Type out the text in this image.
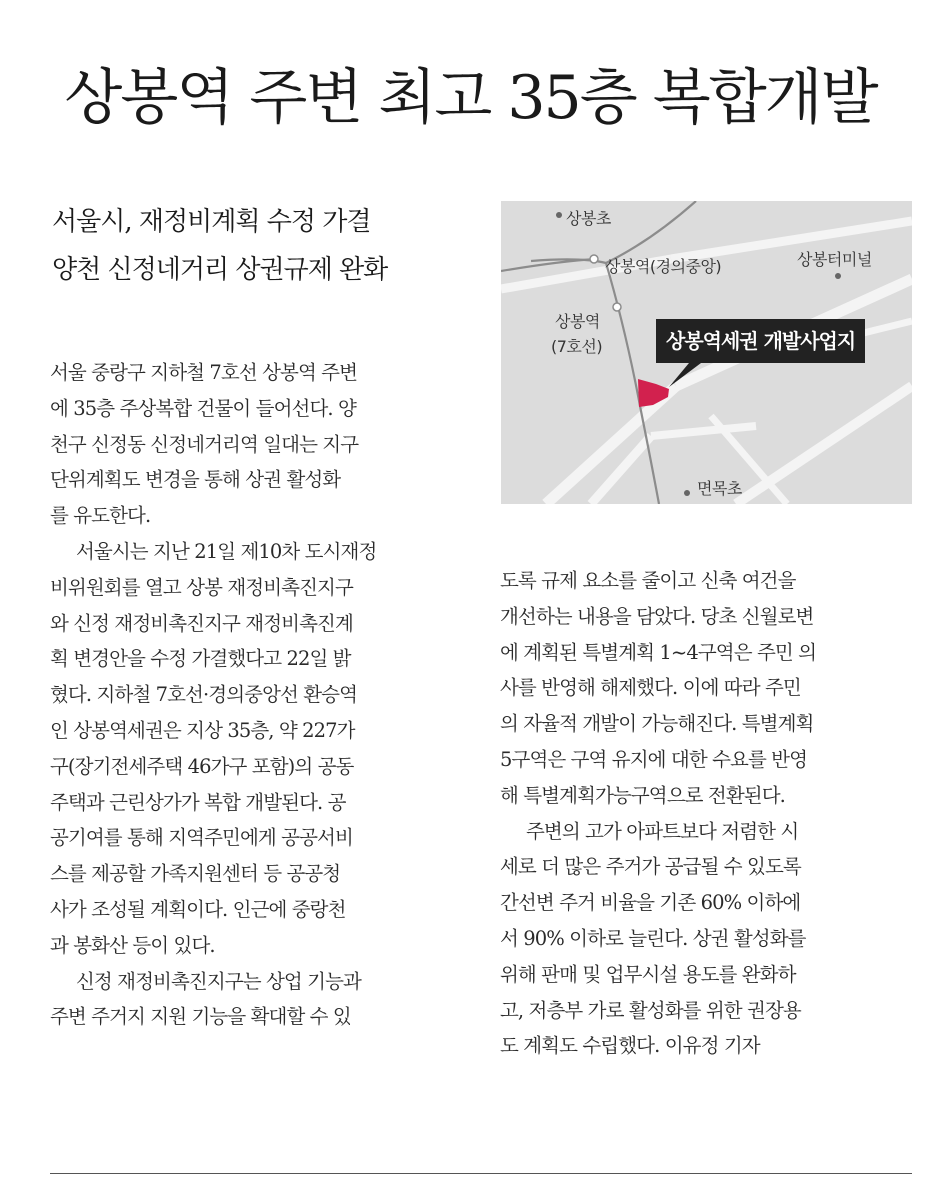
상봉역 주변 최고 35층 복합개발
서울시, 재정비계획 수정 가결
양천 신정네거리 상권규제 완화
서울 중랑구 지하철 7호선 상봉역 주변
에 35층 주상복합 건물이 들어선다. 양
천구 신정동 신정네거리역 일대는 지구
단위계획도 변경을 통해 상권 활성화
를 유도한다.
서울시는 지난 21일 제10차 도시재정
비위원회를 열고 상봉 재정비촉진지구
와 신정 재정비촉진지구 재정비촉진계
획 변경안을 수정 가결했다고 22일 밝
혔다. 지하철 7호선·경의중앙선 환승역
인 상봉역세권은 지상 35층, 약 227가
구(장기전세주택 46가구 포함)의 공동
주택과 근린상가가 복합 개발된다. 공
공기여를 통해 지역주민에게 공공서비
스를 제공할 가족지원센터 등 공공청
사가 조성될 계획이다. 인근에 중랑천
과 봉화산 등이 있다.
신정 재정비촉진지구는 상업 기능과
주변 주거지 지원 기능을 확대할 수 있
상봉초
상봉역(경의중앙)	상봉터미널
상봉역
(7호선)
면목초
상봉역세권 개발사업지
도록 규제 요소를 줄이고 신축 여건을
개선하는 내용을 담았다. 당초 신월로변
에 계획된 특별계획 1~4구역은 주민 의
사를 반영해 해제했다. 이에 따라 주민
의 자율적 개발이 가능해진다. 특별계획
5구역은 구역 유지에 대한 수요를 반영
해 특별계획가능구역으로 전환된다.
주변의 고가 아파트보다 저렴한 시
세로 더 많은 주거가 공급될 수 있도록
간선변 주거 비율을 기존 60% 이하에
서 90% 이하로 늘린다. 상권 활성화를
위해 판매 및 업무시설 용도를 완화하
고, 저층부 가로 활성화를 위한 권장용
도 계획도 수립했다. 이유정 기자
